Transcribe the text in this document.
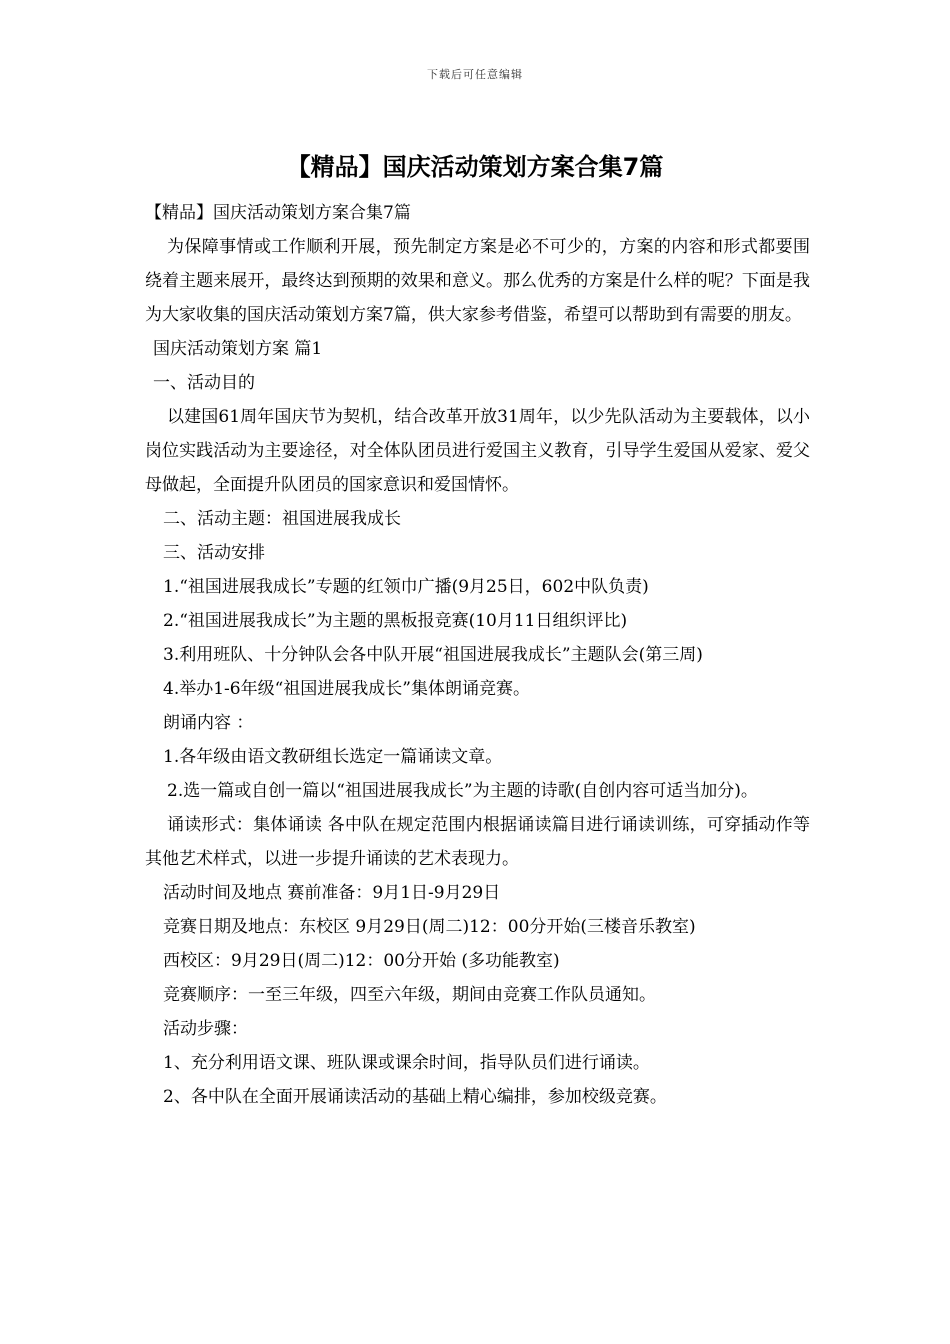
下载后可任意编辑
【精品】国庆活动策划方案合集7篇

【精品】国庆活动策划方案合集7篇

为保障事情或工作顺利开展，预先制定方案是必不可少的，方案的内容和形式都要围绕着主题来展开，最终达到预期的效果和意义。那么优秀的方案是什么样的呢？下面是我为大家收集的国庆活动策划方案7篇，供大家参考借鉴，希望可以帮助到有需要的朋友。

国庆活动策划方案 篇1

一、活动目的

以建国61周年国庆节为契机，结合改革开放31周年，以少先队活动为主要载体，以小岗位实践活动为主要途径，对全体队团员进行爱国主义教育，引导学生爱国从爱家、爱父母做起，全面提升队团员的国家意识和爱国情怀。

二、活动主题：祖国进展我成长

三、活动安排

1.“祖国进展我成长”专题的红领巾广播(9月25日，602中队负责)

2.“祖国进展我成长”为主题的黑板报竞赛(10月11日组织评比)

3.利用班队、十分钟队会各中队开展“祖国进展我成长”主题队会(第三周)

4.举办1-6年级“祖国进展我成长”集体朗诵竞赛。

朗诵内容 ：

1.各年级由语文教研组长选定一篇诵读文章。

2.选一篇或自创一篇以“祖国进展我成长”为主题的诗歌(自创内容可适当加分)。

诵读形式：集体诵读 各中队在规定范围内根据诵读篇目进行诵读训练，可穿插动作等其他艺术样式，以进一步提升诵读的艺术表现力。

活动时间及地点 赛前准备：9月1日-9月29日

竞赛日期及地点：东校区 9月29日(周二)12：00分开始(三楼音乐教室)

西校区：9月29日(周二)12：00分开始 (多功能教室)

竞赛顺序：一至三年级，四至六年级，期间由竞赛工作队员通知。

活动步骤：

1、充分利用语文课、班队课或课余时间，指导队员们进行诵读。

2、各中队在全面开展诵读活动的基础上精心编排，参加校级竞赛。
